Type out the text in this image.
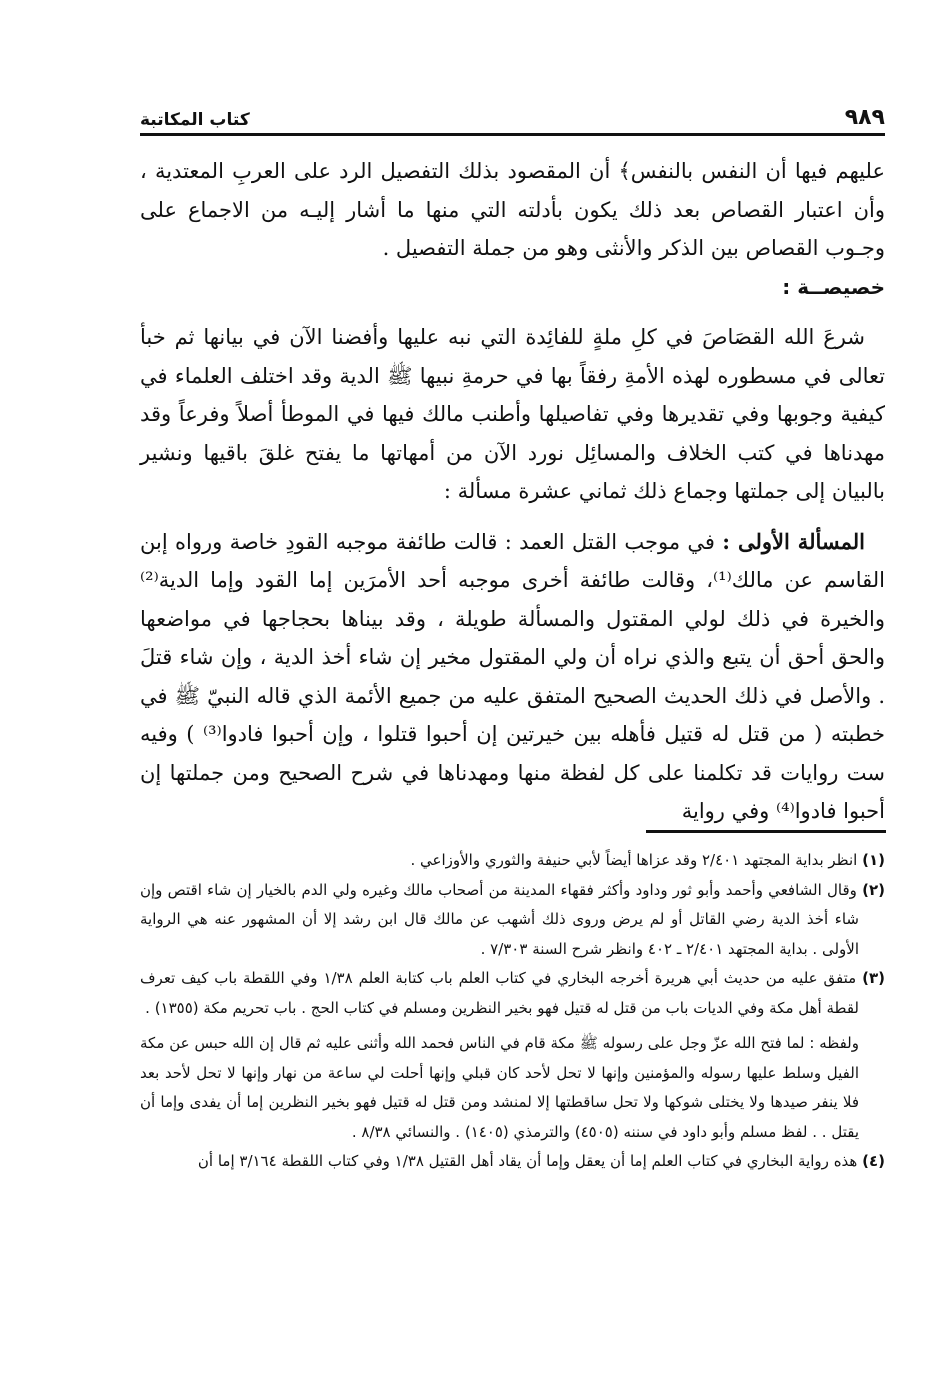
٩٨٩
كتاب المكاتبة

عليهم فيها أن النفس بالنفس﴾ أن المقصود بذلك التفصيل الرد على العربِ المعتدية ، وأن اعتبار القصاص بعد ذلك يكون بأدلته التي منها ما أشار إليـه من الاجماع على وجـوب القصاص بين الذكر والأنثى وهو من جملة التفصيل .

خصيصــة :

شرعَ الله القصَاصَ في كلِ ملةٍ للفائِدة التي نبه عليها وأفضنا الآن في بيانها ثم خبأ تعالى في مسطوره لهذه الأمةِ رفقاً بها في حرمةِ نبيها ﷺ الدية وقد اختلف العلماء في كيفية وجوبها وفي تقديرها وفي تفاصيلها وأطنب مالك فيها في الموطأ أصلاً وفرعاً وقد مهدناها في كتب الخلاف والمسائِل نورد الآن من أمهاتها ما يفتح غلقَ باقيها ونشير بالبيان إلى جملتها وجماع ذلك ثماني عشرة مسألة :

المسألة الأولى : في موجب القتل العمد : قالت طائفة موجبه القودِ خاصة ورواه إبن القاسم عن مالك⁽¹⁾، وقالت طائفة أخرى موجبه أحد الأمرَين إما القود وإما الدية⁽²⁾ والخيرة في ذلك لولي المقتول والمسألة طويلة ، وقد بيناها بحجاجها في مواضعها والحق أحق أن يتبع والذي نراه أن ولي المقتول مخير إن شاء أخذ الدية ، وإن شاء قتلَ . والأصل في ذلك الحديث الصحيح المتفق عليه من جميع الأئمة الذي قاله النبيّ ﷺ في خطبته ( من قتل له قتيل فأهله بين خيرتين إن أحبوا قتلوا ، وإن أحبوا فادوا⁽³⁾ ) وفيه ست روايات قد تكلمنا على كل لفظة منها ومهدناها في شرح الصحيح ومن جملتها إن أحبوا فادوا⁽⁴⁾ وفي رواية

(١) انظر بداية المجتهد ٢/٤٠١ وقد عزاها أيضاً لأبي حنيفة والثوري والأوزاعي .

(٢) وقال الشافعي وأحمد وأبو ثور وداود وأكثر فقهاء المدينة من أصحاب مالك وغيره ولي الدم بالخيار إن شاء اقتص وإن شاء أخذ الدية رضي القاتل أو لم يرض وروى ذلك أشهب عن مالك قال ابن رشد إلا أن المشهور عنه هي الرواية الأولى . بداية المجتهد ٢/٤٠١ ـ ٤٠٢ وانظر شرح السنة ٧/٣٠٣ .

(٣) متفق عليه من حديث أبي هريرة أخرجه البخاري في كتاب العلم باب كتابة العلم ١/٣٨ وفي اللقطة باب كيف تعرف لقطة أهل مكة وفي الديات باب من قتل له قتيل فهو بخير النظرين ومسلم في كتاب الحج . باب تحريم مكة (١٣٥٥) .

ولفظه : لما فتح الله عزّ وجل على رسوله ﷺ مكة قام في الناس فحمد الله وأثنى عليه ثم قال إن الله حبس عن مكة الفيل وسلط عليها رسوله والمؤمنين وإنها لا تحل لأحد كان قبلي وإنها أحلت لي ساعة من نهار وإنها لا تحل لأحد بعد فلا ينفر صيدها ولا يختلى شوكها ولا تحل ساقطتها إلا لمنشد ومن قتل له قتيل فهو بخير النظرين إما أن يفدى وإما أن يقتل . . لفظ مسلم وأبو داود في سننه (٤٥٠٥) والترمذي (١٤٠٥) . والنسائي ٨/٣٨ .

(٤) هذه رواية البخاري في كتاب العلم إما أن يعقل وإما أن يقاد أهل القتيل ١/٣٨ وفي كتاب اللقطة ٣/١٦٤ إما أن
